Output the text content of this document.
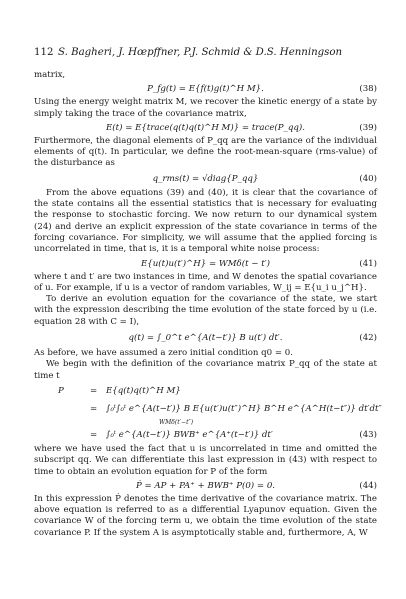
112 S. Bagheri, J. Hœpffner, P.J. Schmid & D.S. Henningson

matrix,

P_fg(t) = E{f(t)g(t)^H M}.	(38)

Using the energy weight matrix M, we recover the kinetic energy of a state by simply taking the trace of the covariance matrix,

E(t) = E{trace(q(t)q(t)^H M)} = trace(P_qq).	(39)

Furthermore, the diagonal elements of P_qq are the variance of the individual elements of q(t). In particular, we define the root-mean-square (rms-value) of the disturbance as

q_rms(t) = √diag{P_qq}	(40)

From the above equations (39) and (40), it is clear that the covariance of the state contains all the essential statistics that is necessary for evaluating the response to stochastic forcing. We now return to our dynamical system (24) and derive an explicit expression of the state covariance in terms of the forcing covariance. For simplicity, we will assume that the applied forcing is uncorrelated in time, that is, it is a temporal white noise process:

E{u(t)u(t′)^H} = WMδ(t − t′)	(41)

where t and t′ are two instances in time, and W denotes the spatial covariance of u. For example, if u is a vector of random variables, W_ij = E{u_i u_j^H}.

To derive an evolution equation for the covariance of the state, we start with the expression describing the time evolution of the state forced by u (i.e. equation 28 with C = I),

q(t) = ∫_0^t e^{A(t−t′)} B u(t′) dt′.	(42)

As before, we have assumed a zero initial condition q0 = 0.

We begin with the definition of the covariance matrix P_qq of the state at time t

P	= E{q(t)q(t)^H M}
= ∫₀ᵗ∫₀ᵗ e^{A(t−t′)} B E{u(t′)u(t″)^H} B^H e^{A^H(t−t″)} dt′dt″
WMδ(t′−t″)
= ∫₀ᵗ e^{A(t−t′)} BWB⁺ e^{A⁺(t−t′)} dt′	(43)

where we have used the fact that u is uncorrelated in time and omitted the subscript qq. We can differentiate this last expression in (43) with respect to time to obtain an evolution equation for P of the form

Ṗ = AP + PA⁺ + BWB⁺ P(0) = 0.	(44)

In this expression Ṗ denotes the time derivative of the covariance matrix. The above equation is referred to as a differential Lyapunov equation. Given the covariance W of the forcing term u, we obtain the time evolution of the state covariance P. If the system A is asymptotically stable and, furthermore, A, W
